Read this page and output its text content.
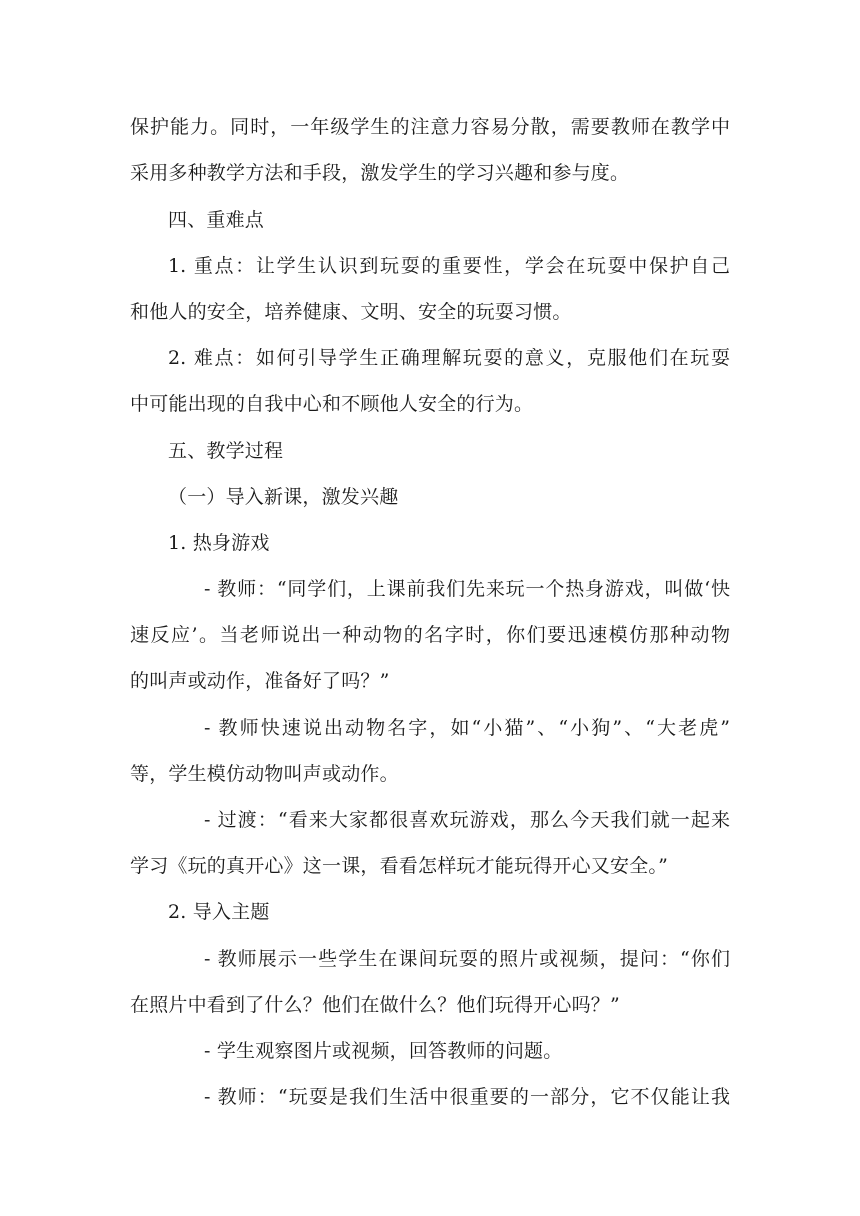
保护能力。同时，一年级学生的注意力容易分散，需要教师在教学中
采用多种教学方法和手段，激发学生的学习兴趣和参与度。
四、重难点
1. 重点：让学生认识到玩耍的重要性，学会在玩耍中保护自己
和他人的安全，培养健康、文明、安全的玩耍习惯。
2. 难点：如何引导学生正确理解玩耍的意义，克服他们在玩耍
中可能出现的自我中心和不顾他人安全的行为。
五、教学过程
（一）导入新课，激发兴趣
1. 热身游戏
- 教师：“同学们，上课前我们先来玩一个热身游戏，叫做‘快
速反应’。当老师说出一种动物的名字时，你们要迅速模仿那种动物
的叫声或动作，准备好了吗？”
- 教师快速说出动物名字，如“小猫”、“小狗”、“大老虎”
等，学生模仿动物叫声或动作。
- 过渡：“看来大家都很喜欢玩游戏，那么今天我们就一起来
学习《玩的真开心》这一课，看看怎样玩才能玩得开心又安全。”
2. 导入主题
- 教师展示一些学生在课间玩耍的照片或视频，提问：“你们
在照片中看到了什么？他们在做什么？他们玩得开心吗？”
- 学生观察图片或视频，回答教师的问题。
- 教师：“玩耍是我们生活中很重要的一部分，它不仅能让我
